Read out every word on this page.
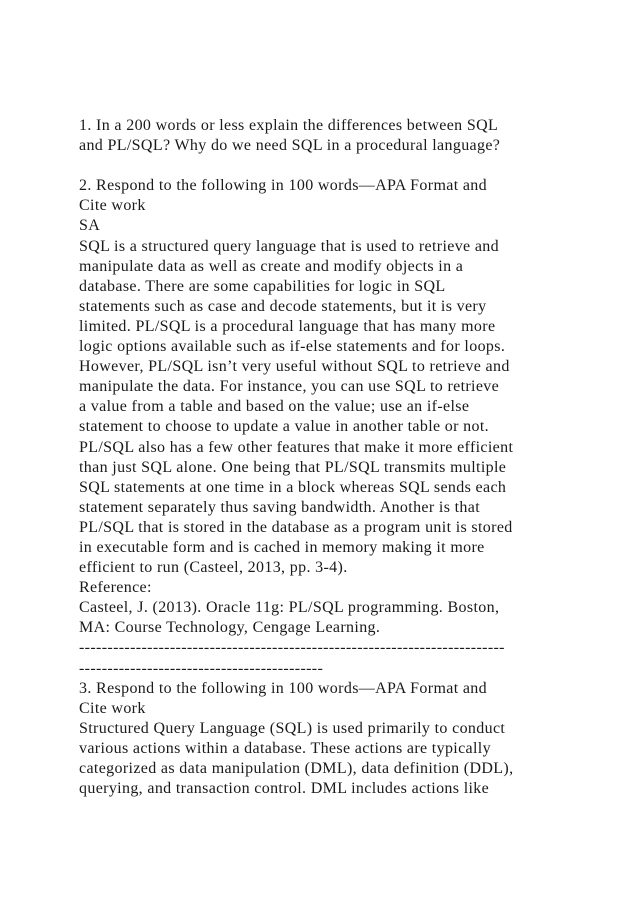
1. In a 200 words or less explain the differences between SQL
and PL/SQL? Why do we need SQL in a procedural language?
2. Respond to the following in 100 words—APA Format and
Cite work
SA
SQL is a structured query language that is used to retrieve and
manipulate data as well as create and modify objects in a
database. There are some capabilities for logic in SQL
statements such as case and decode statements, but it is very
limited. PL/SQL is a procedural language that has many more
logic options available such as if-else statements and for loops.
However, PL/SQL isn’t very useful without SQL to retrieve and
manipulate the data. For instance, you can use SQL to retrieve
a value from a table and based on the value; use an if-else
statement to choose to update a value in another table or not.
PL/SQL also has a few other features that make it more efficient
than just SQL alone. One being that PL/SQL transmits multiple
SQL statements at one time in a block whereas SQL sends each
statement separately thus saving bandwidth. Another is that
PL/SQL that is stored in the database as a program unit is stored
in executable form and is cached in memory making it more
efficient to run (Casteel, 2013, pp. 3-4).
Reference:
Casteel, J. (2013). Oracle 11g: PL/SQL programming. Boston,
MA: Course Technology, Cengage Learning.
---------------------------------------------------------------------------
-------------------------------------------
3. Respond to the following in 100 words—APA Format and
Cite work
Structured Query Language (SQL) is used primarily to conduct
various actions within a database. These actions are typically
categorized as data manipulation (DML), data definition (DDL),
querying, and transaction control. DML includes actions like
